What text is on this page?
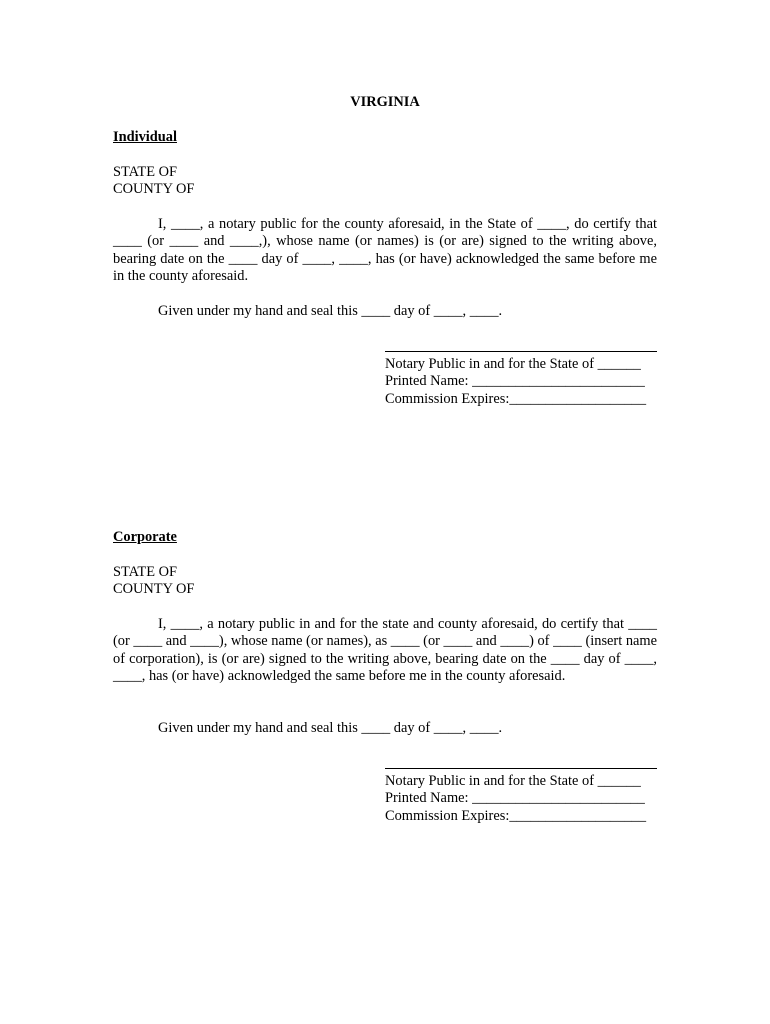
VIRGINIA
Individual
STATE OF
COUNTY OF
I, ____, a notary public for the county aforesaid, in the State of ____, do certify that ____ (or ____ and ____,), whose name (or names) is (or are) signed to the writing above, bearing date on the ____ day of ____, ____, has (or have) acknowledged the same before me in the county aforesaid.
Given under my hand and seal this ____ day of ____, ____.
Notary Public in and for the State of ______
Printed Name: ________________________
Commission Expires:___________________
Corporate
STATE OF
COUNTY OF
I, ____, a notary public in and for the state and county aforesaid, do certify that ____ (or ____ and ____), whose name (or names), as ____ (or ____ and ____) of ____ (insert name of corporation), is (or are) signed to the writing above, bearing date on the ____ day of ____, ____, has (or have) acknowledged the same before me in the county aforesaid.
Given under my hand and seal this ____ day of ____, ____.
Notary Public in and for the State of ______
Printed Name: ________________________
Commission Expires:___________________
